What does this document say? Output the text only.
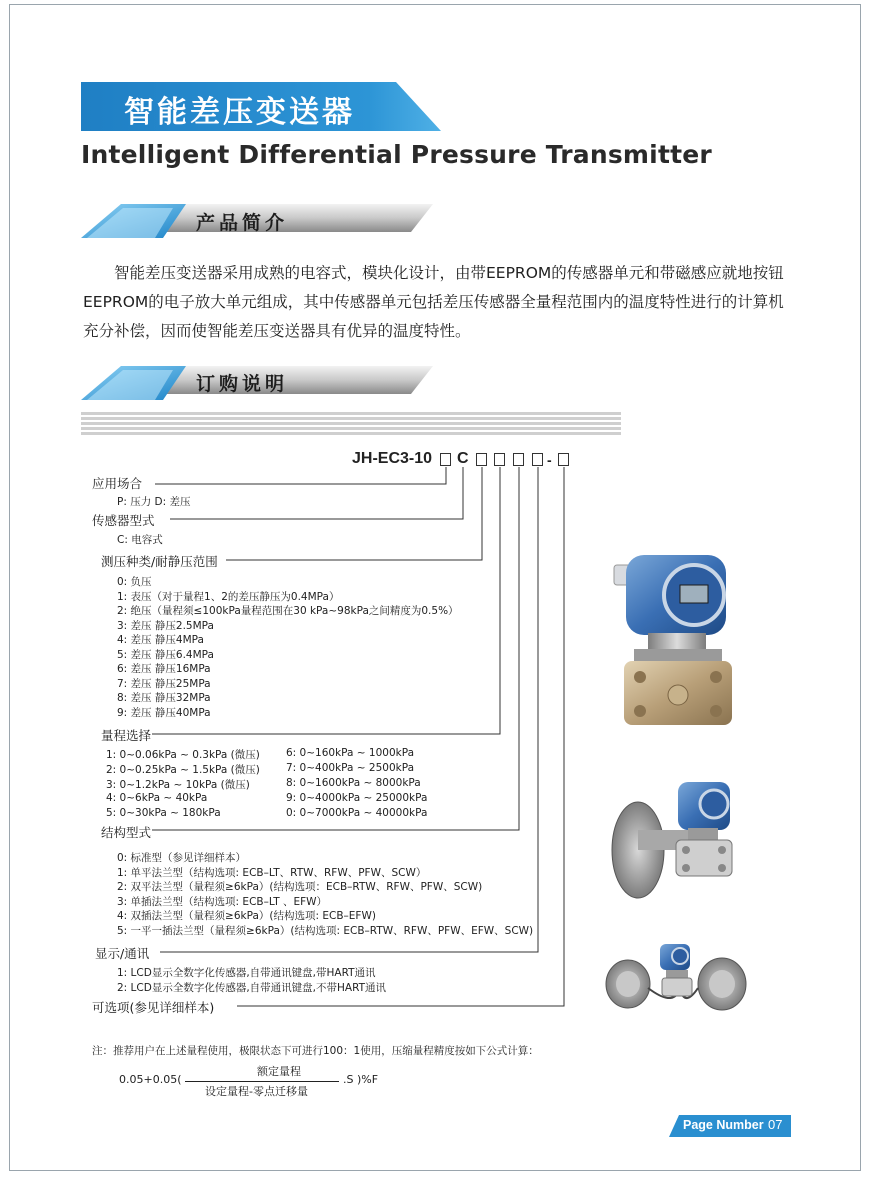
智能差压变送器
Intelligent Differential Pressure Transmitter
产品简介
智能差压变送器采用成熟的电容式，模块化设计，由带EEPROM的传感器单元和带磁感应就地按钮EEPROM的电子放大单元组成，其中传感器单元包括差压传感器全量程范围内的温度特性进行的计算机充分补偿，因而使智能差压变送器具有优异的温度特性。
订购说明
JH-EC3-10 C	-
应用场合
P: 压力 D: 差压
传感器型式
C: 电容式
测压种类/耐静压范围
0: 负压
1: 表压（对于量程1、2的差压静压为0.4MPa）
2: 绝压（量程须≤100kPa量程范围在30 kPa~98kPa之间精度为0.5%）
3: 差压 静压2.5MPa
4: 差压 静压4MPa
5: 差压 静压6.4MPa
6: 差压 静压16MPa
7: 差压 静压25MPa
8: 差压 静压32MPa
9: 差压 静压40MPa
量程选择
1: 0~0.06kPa ~ 0.3kPa (微压)
2: 0~0.25kPa ~ 1.5kPa (微压)
3: 0~1.2kPa ~ 10kPa (微压)
4: 0~6kPa ~ 40kPa
5: 0~30kPa ~ 180kPa
6: 0~160kPa ~ 1000kPa
7: 0~400kPa ~ 2500kPa
8: 0~1600kPa ~ 8000kPa
9: 0~4000kPa ~ 25000kPa
0: 0~7000kPa ~ 40000kPa
结构型式
0: 标准型（参见详细样本）
1: 单平法兰型（结构选项: ECB–LT、RTW、RFW、PFW、SCW）
2: 双平法兰型（量程须≥6kPa）(结构选项：ECB–RTW、RFW、PFW、SCW)
3: 单插法兰型（结构选项: ECB–LT 、EFW）
4: 双插法兰型（量程须≥6kPa）(结构选项: ECB–EFW)
5: 一平一插法兰型（量程须≥6kPa）(结构选项: ECB–RTW、RFW、PFW、EFW、SCW)
显示/通讯
1: LCD显示全数字化传感器,自带通讯键盘,带HART通讯
2: LCD显示全数字化传感器,自带通讯键盘,不带HART通讯
可选项(参见详细样本)
注：推荐用户在上述量程使用，极限状态下可进行100：1使用，压缩量程精度按如下公式计算：
0.05+0.05(
额定量程
设定量程-零点迁移量
.S )%F
Page Number 07
